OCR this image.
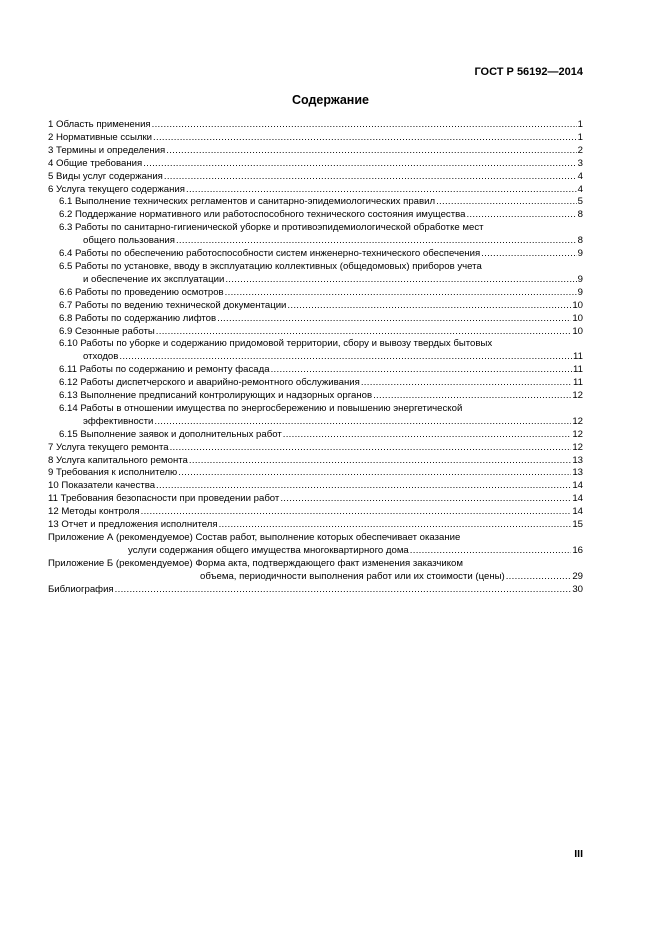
ГОСТ Р 56192—2014
Содержание
1 Область применения .....	1
2 Нормативные ссылки .....	1
3 Термины и определения .....	2
4 Общие требования .....	3
5 Виды услуг содержания .....	4
6 Услуга текущего содержания .....	4
6.1 Выполнение технических регламентов и санитарно-эпидемиологических правил .....	5
6.2 Поддержание нормативного или работоспособного технического состояния имущества .....	8
6.3 Работы по санитарно-гигиенической уборке и противоэпидемиологической обработке мест
общего пользования .....	8
6.4 Работы по обеспечению работоспособности систем инженерно-технического обеспечения .....	9
6.5 Работы по установке, вводу в эксплуатацию коллективных (общедомовых) приборов учета
и обеспечение их эксплуатации .....	9
6.6 Работы по проведению осмотров .....	9
6.7 Работы по ведению технической документации .....	10
6.8 Работы по содержанию лифтов .....	10
6.9 Сезонные работы .....	10
6.10 Работы по уборке и содержанию придомовой территории, сбору и вывозу твердых бытовых
отходов .....	11
6.11 Работы по содержанию и ремонту фасада .....	11
6.12 Работы диспетчерского и аварийно-ремонтного обслуживания .....	11
6.13 Выполнение предписаний контролирующих и надзорных органов .....	12
6.14 Работы в отношении имущества по энергосбережению и повышению энергетической
эффективности .....	12
6.15 Выполнение заявок и дополнительных работ .....	12
7 Услуга текущего ремонта .....	12
8 Услуга капитального ремонта .....	13
9 Требования к исполнителю .....	13
10 Показатели качества .....	14
11 Требования безопасности при проведении работ .....	14
12 Методы контроля .....	14
13 Отчет и предложения исполнителя .....	15
Приложение А (рекомендуемое) Состав работ, выполнение которых обеспечивает оказание
услуги содержания общего имущества многоквартирного дома .....	16
Приложение Б (рекомендуемое) Форма акта, подтверждающего факт изменения заказчиком
объема, периодичности выполнения работ или их стоимости (цены) .....	29
Библиография .....	30
III
